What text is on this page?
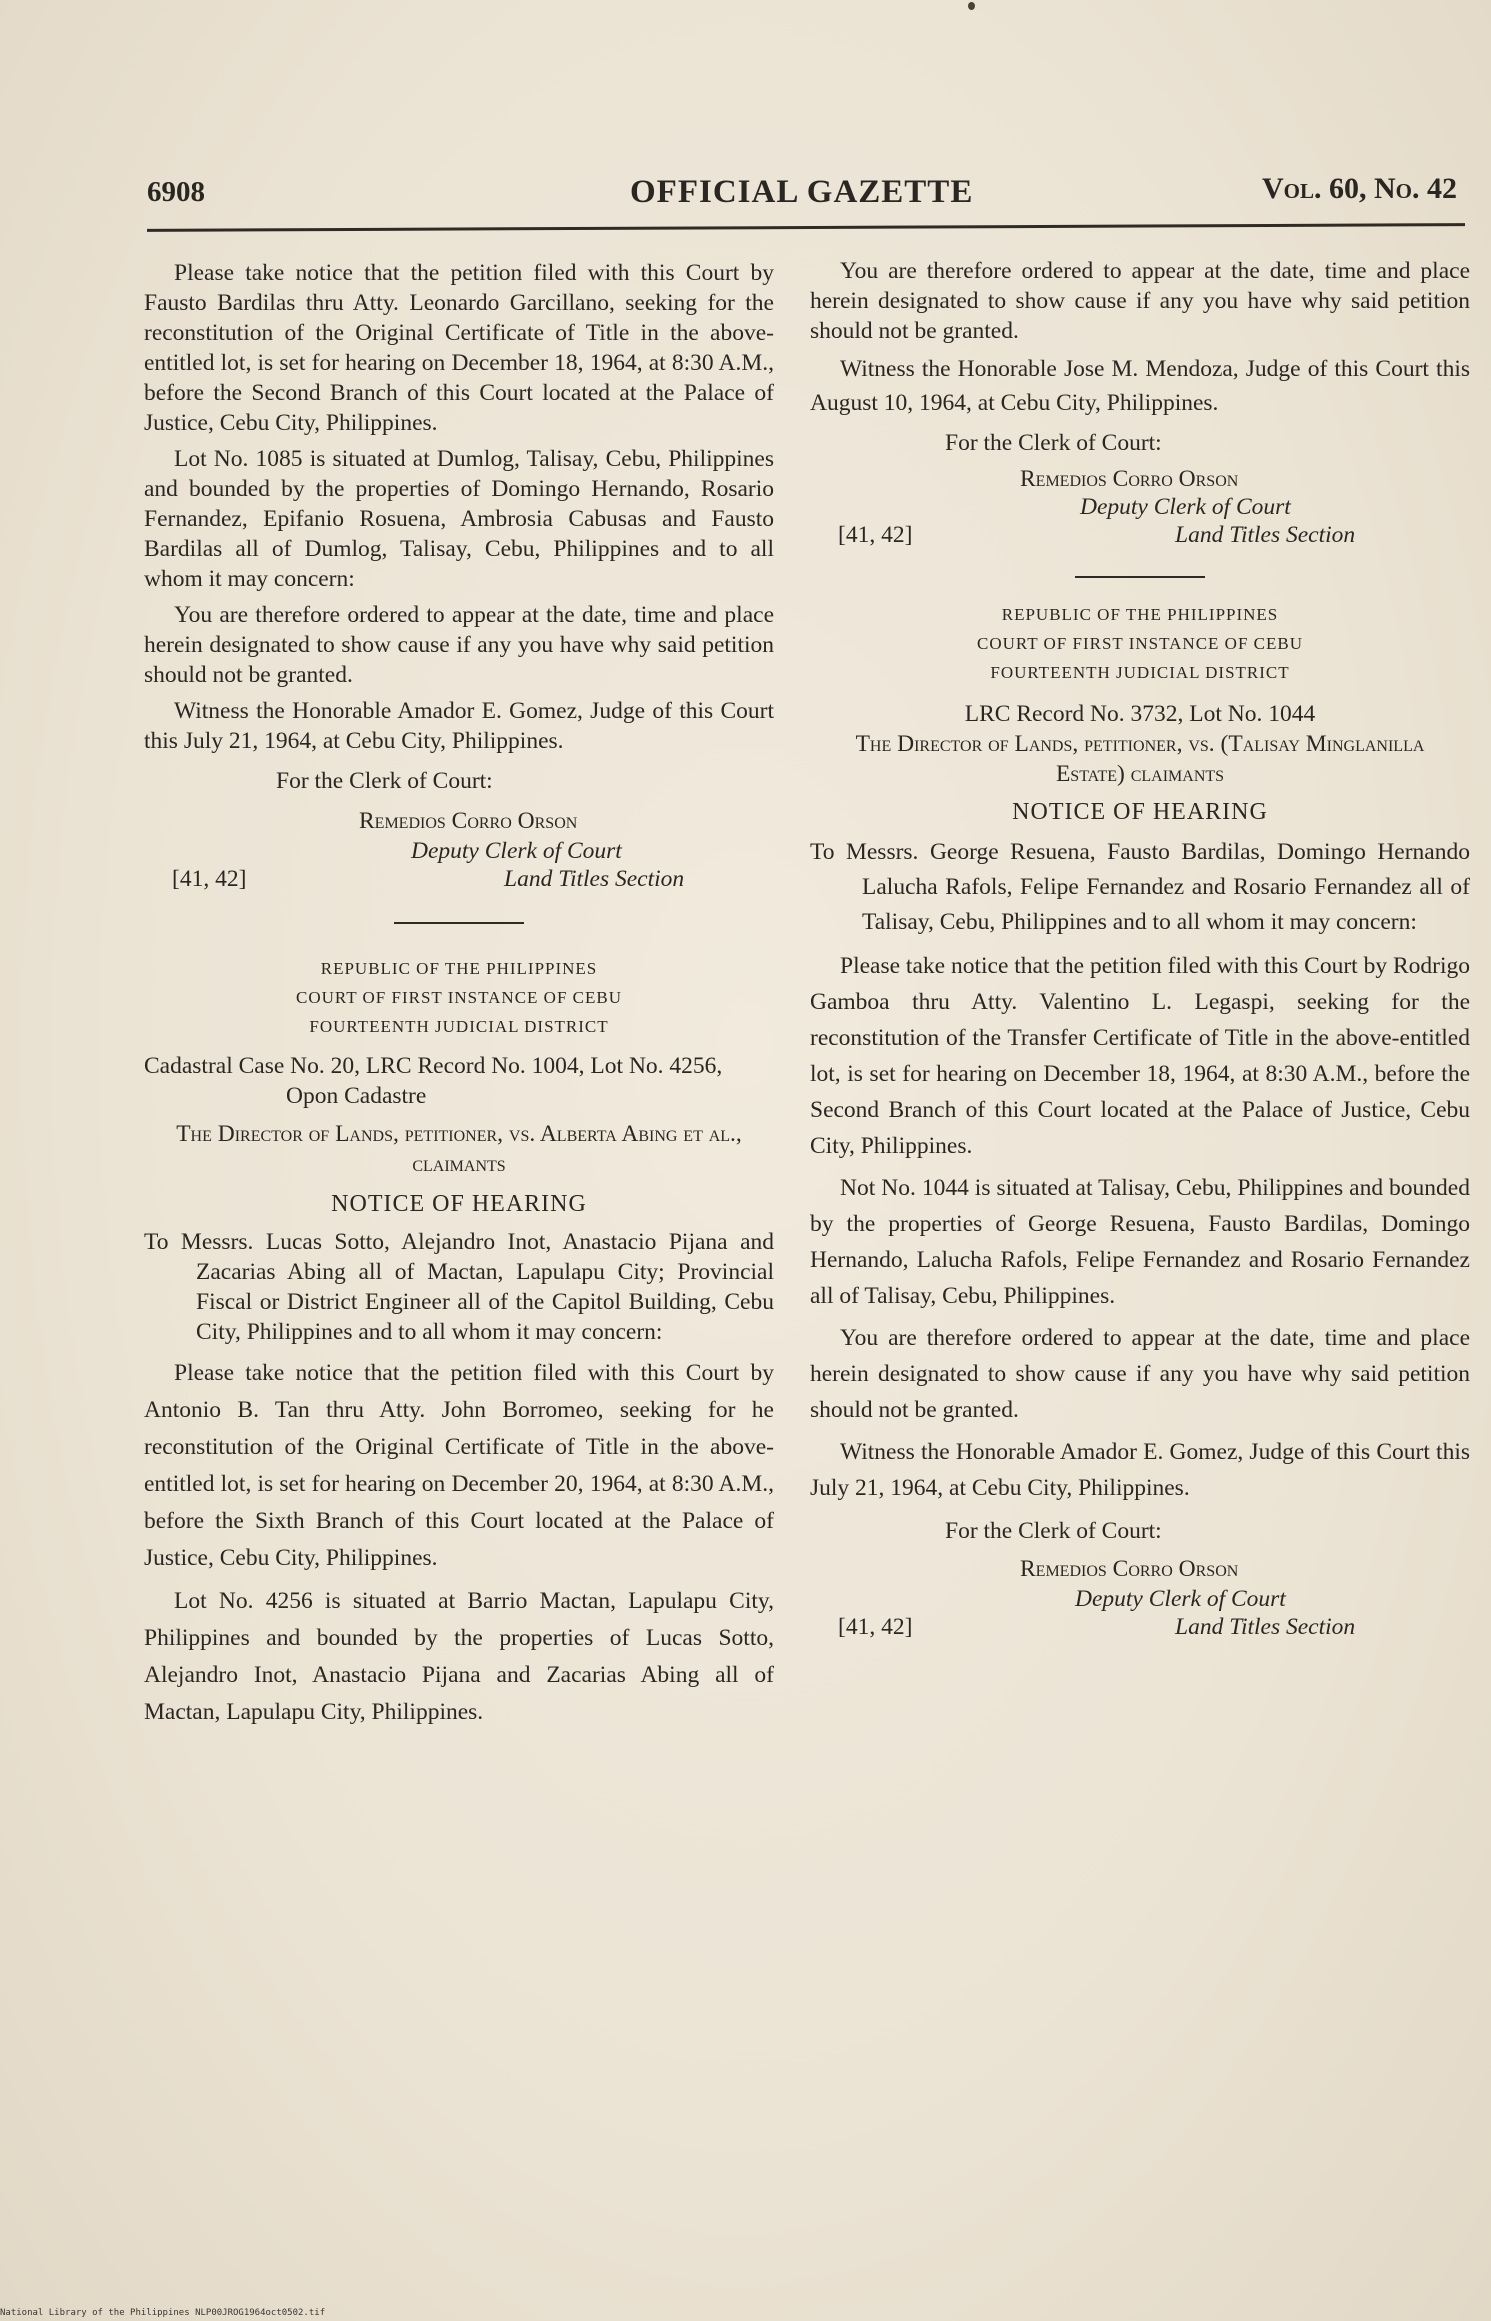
6908	OFFICIAL GAZETTE	Vol. 60, No. 42

Please take notice that the petition filed with this Court by Fausto Bardilas thru Atty. Leonardo Garcillano, seeking for the reconstitution of the Original Certificate of Title in the above-entitled lot, is set for hearing on December 18, 1964, at 8:30 A.M., before the Second Branch of this Court located at the Palace of Justice, Cebu City, Philippines.

Lot No. 1085 is situated at Dumlog, Talisay, Cebu, Philippines and bounded by the properties of Domingo Hernando, Rosario Fernandez, Epifanio Rosuena, Ambrosia Cabusas and Fausto Bardilas all of Dumlog, Talisay, Cebu, Philippines and to all whom it may concern:

You are therefore ordered to appear at the date, time and place herein designated to show cause if any you have why said petition should not be granted.

Witness the Honorable Amador E. Gomez, Judge of this Court this July 21, 1964, at Cebu City, Philippines.

For the Clerk of Court:

Remedios Corro Orson
Deputy Clerk of Court
[41, 42]	Land Titles Section
REPUBLIC OF THE PHILIPPINES
COURT OF FIRST INSTANCE OF CEBU
FOURTEENTH JUDICIAL DISTRICT

Cadastral Case No. 20, LRC Record No. 1004, Lot No. 4256, Opon Cadastre

The Director of Lands, petitioner, vs. Alberta Abing et al., claimants

NOTICE OF HEARING

To Messrs. Lucas Sotto, Alejandro Inot, Anastacio Pijana and Zacarias Abing all of Mactan, Lapulapu City; Provincial Fiscal or District Engineer all of the Capitol Building, Cebu City, Philippines and to all whom it may concern:

Please take notice that the petition filed with this Court by Antonio B. Tan thru Atty. John Borromeo, seeking for he reconstitution of the Original Certificate of Title in the above-entitled lot, is set for hearing on December 20, 1964, at 8:30 A.M., before the Sixth Branch of this Court located at the Palace of Justice, Cebu City, Philippines.

Lot No. 4256 is situated at Barrio Mactan, Lapulapu City, Philippines and bounded by the properties of Lucas Sotto, Alejandro Inot, Anastacio Pijana and Zacarias Abing all of Mactan, Lapulapu City, Philippines.

You are therefore ordered to appear at the date, time and place herein designated to show cause if any you have why said petition should not be granted.

Witness the Honorable Jose M. Mendoza, Judge of this Court this August 10, 1964, at Cebu City, Philippines.

For the Clerk of Court:

Remedios Corro Orson
Deputy Clerk of Court
[41, 42]	Land Titles Section
REPUBLIC OF THE PHILIPPINES
COURT OF FIRST INSTANCE OF CEBU
FOURTEENTH JUDICIAL DISTRICT

LRC Record No. 3732, Lot No. 1044

The Director of Lands, petitioner, vs. (Talisay Minglanilla Estate) claimants

NOTICE OF HEARING

To Messrs. George Resuena, Fausto Bardilas, Domingo Hernando Lalucha Rafols, Felipe Fernandez and Rosario Fernandez all of Talisay, Cebu, Philippines and to all whom it may concern:

Please take notice that the petition filed with this Court by Rodrigo Gamboa thru Atty. Valentino L. Legaspi, seeking for the reconstitution of the Transfer Certificate of Title in the above-entitled lot, is set for hearing on December 18, 1964, at 8:30 A.M., before the Second Branch of this Court located at the Palace of Justice, Cebu City, Philippines.

Not No. 1044 is situated at Talisay, Cebu, Philippines and bounded by the properties of George Resuena, Fausto Bardilas, Domingo Hernando, Lalucha Rafols, Felipe Fernandez and Rosario Fernandez all of Talisay, Cebu, Philippines.

You are therefore ordered to appear at the date, time and place herein designated to show cause if any you have why said petition should not be granted.

Witness the Honorable Amador E. Gomez, Judge of this Court this July 21, 1964, at Cebu City, Philippines.

For the Clerk of Court:

Remedios Corro Orson
Deputy Clerk of Court
[41, 42]	Land Titles Section
National Library of the Philippines NLP00JROG1964oct0502.tif
